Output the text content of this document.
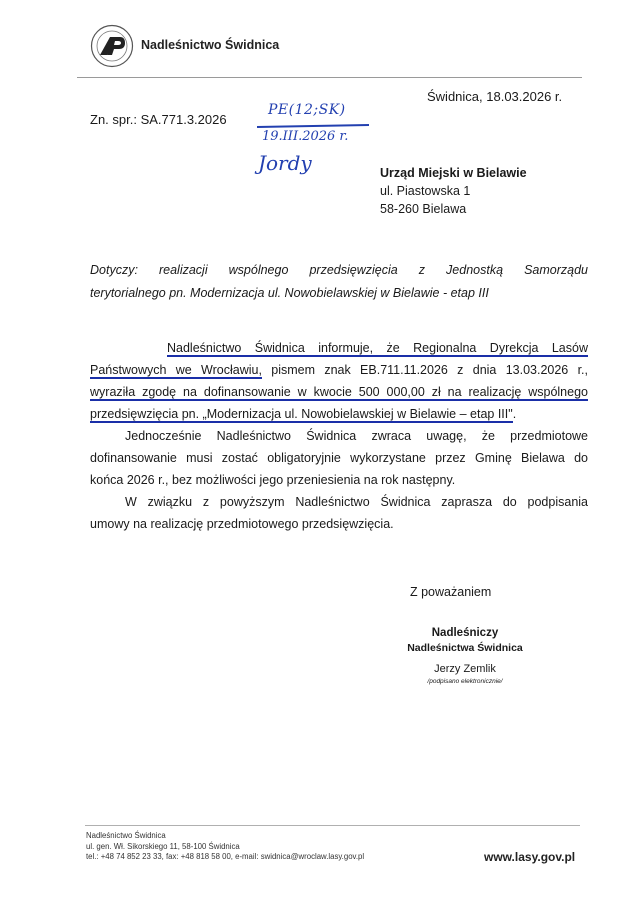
Nadleśnictwo Świdnica
Świdnica, 18.03.2026 r.
Zn. spr.: SA.771.3.2026
PE(12;SK)
19.III.2026 r.
Jordy	Urząd Miejski w Bielawie
ul. Piastowska 1
58-260 Bielawa
Dotyczy: realizacji wspólnego przedsięwzięcia z Jednostką Samorządu
terytorialnego pn. Modernizacja ul. Nowobielawskiej w Bielawie - etap III
Nadleśnictwo Świdnica informuje, że Regionalna Dyrekcja Lasów
Państwowych we Wrocławiu, pismem znak EB.711.11.2026 z dnia 13.03.2026 r.,
wyraziła zgodę na dofinansowanie w kwocie 500 000,00 zł na realizację wspólnego
przedsięwzięcia pn. „Modernizacja ul. Nowobielawskiej w Bielawie – etap III".
Jednocześnie Nadleśnictwo Świdnica zwraca uwagę, że przedmiotowe
dofinansowanie musi zostać obligatoryjnie wykorzystane przez Gminę Bielawa do
końca 2026 r., bez możliwości jego przeniesienia na rok następny.
W związku z powyższym Nadleśnictwo Świdnica zaprasza do podpisania
umowy na realizację przedmiotowego przedsięwzięcia.
Z poważaniem
Nadleśniczy
Nadleśnictwa Świdnica
Jerzy Zemlik
/podpisano elektronicznie/
Nadleśnictwo Świdnica
ul. gen. Wł. Sikorskiego 11, 58-100 Świdnica
tel.: +48 74 852 23 33, fax: +48 818 58 00, e-mail: swidnica@wroclaw.lasy.gov.pl	www.lasy.gov.pl
